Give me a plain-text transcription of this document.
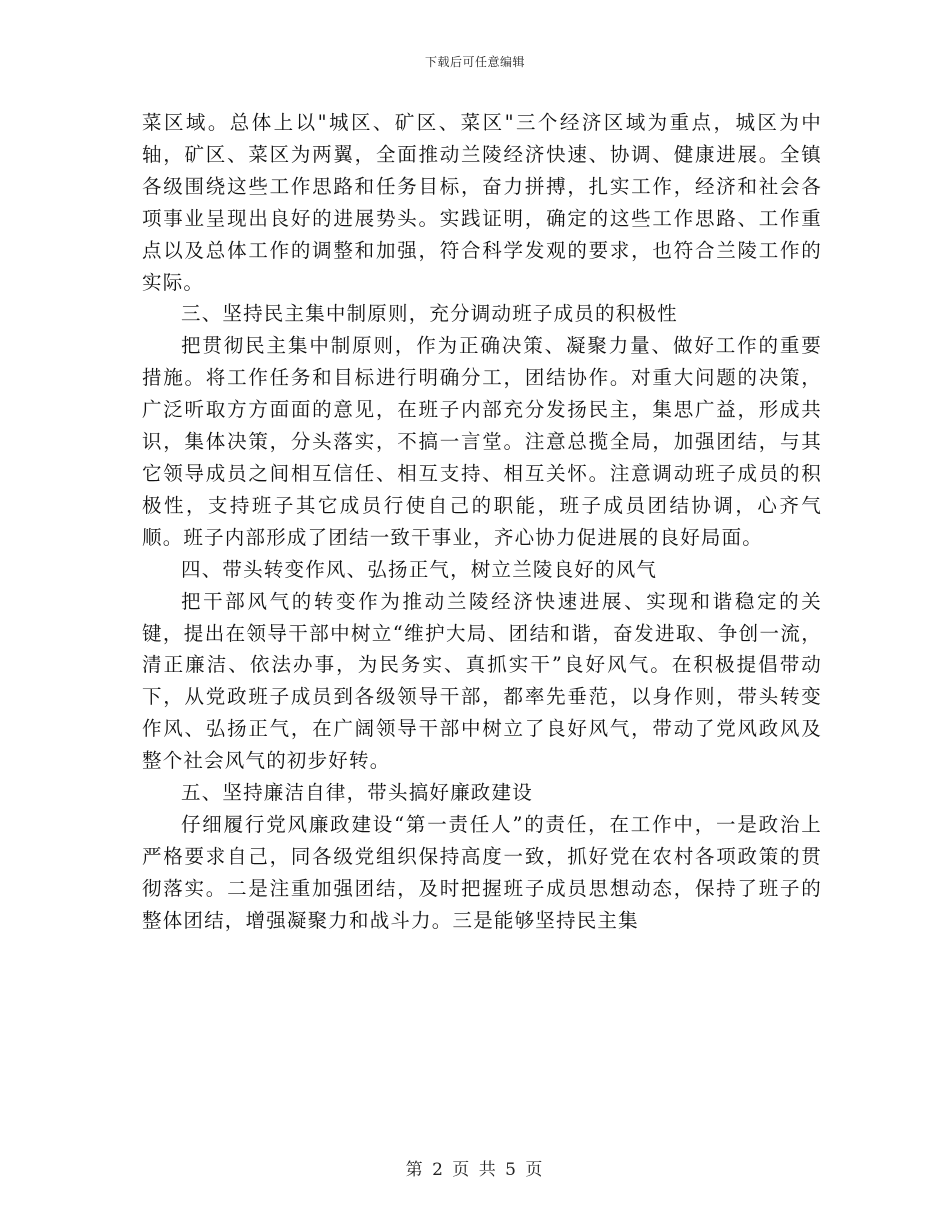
下载后可任意编辑

菜区域。总体上以"城区、矿区、菜区"三个经济区域为重点，城区为中轴，矿区、菜区为两翼，全面推动兰陵经济快速、协调、健康进展。全镇各级围绕这些工作思路和任务目标，奋力拼搏，扎实工作，经济和社会各项事业呈现出良好的进展势头。实践证明，确定的这些工作思路、工作重点以及总体工作的调整和加强，符合科学发观的要求，也符合兰陵工作的实际。

三、坚持民主集中制原则，充分调动班子成员的积极性

把贯彻民主集中制原则，作为正确决策、凝聚力量、做好工作的重要措施。将工作任务和目标进行明确分工，团结协作。对重大问题的决策，广泛听取方方面面的意见，在班子内部充分发扬民主，集思广益，形成共识，集体决策，分头落实，不搞一言堂。注意总揽全局，加强团结，与其它领导成员之间相互信任、相互支持、相互关怀。注意调动班子成员的积极性，支持班子其它成员行使自己的职能，班子成员团结协调，心齐气顺。班子内部形成了团结一致干事业，齐心协力促进展的良好局面。

四、带头转变作风、弘扬正气，树立兰陵良好的风气

把干部风气的转变作为推动兰陵经济快速进展、实现和谐稳定的关键，提出在领导干部中树立“维护大局、团结和谐，奋发进取、争创一流，清正廉洁、依法办事，为民务实、真抓实干”良好风气。在积极提倡带动下，从党政班子成员到各级领导干部，都率先垂范，以身作则，带头转变作风、弘扬正气，在广阔领导干部中树立了良好风气，带动了党风政风及整个社会风气的初步好转。

五、坚持廉洁自律，带头搞好廉政建设

仔细履行党风廉政建设“第一责任人”的责任，在工作中，一是政治上严格要求自己，同各级党组织保持高度一致，抓好党在农村各项政策的贯彻落实。二是注重加强团结，及时把握班子成员思想动态，保持了班子的整体团结，增强凝聚力和战斗力。三是能够坚持民主集

第 2 页 共 5 页
